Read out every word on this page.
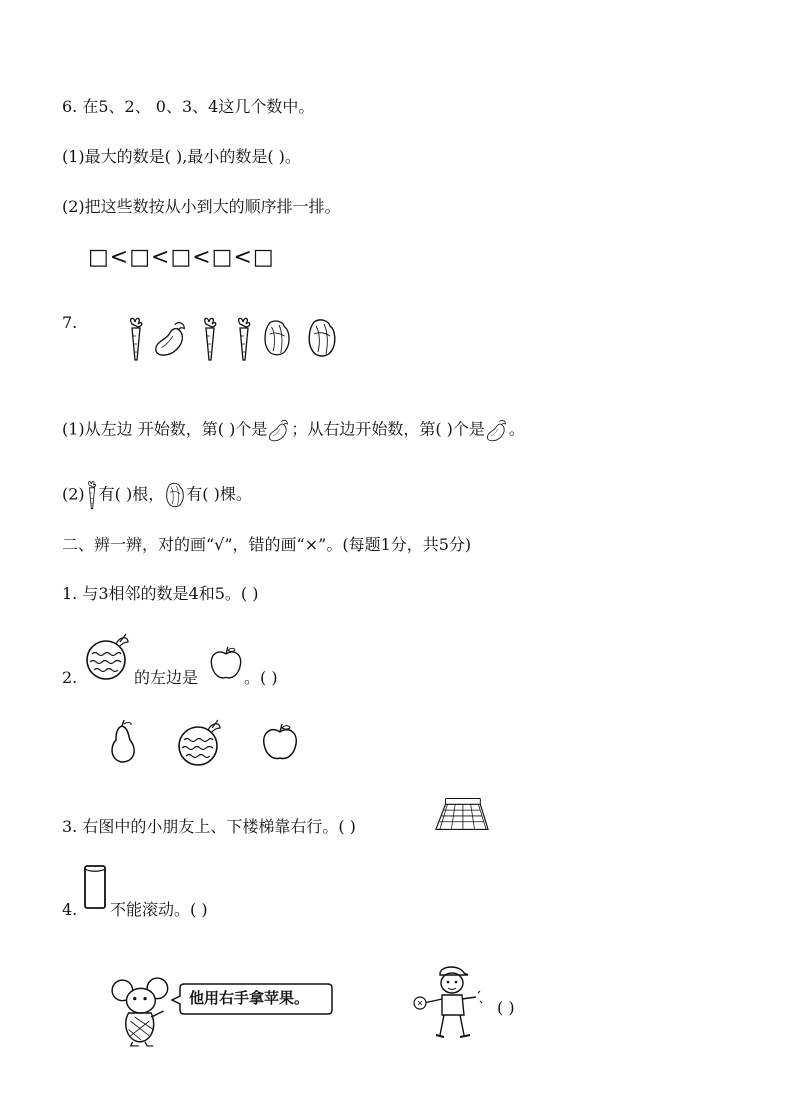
6. 在5、2、 0、3、4这几个数中。
(1)最大的数是( ),最小的数是( )。
(2)把这些数按从小到大的顺序排一排。
□<□<□<□<□
7.
(1)从左边 开始数，第( )个是 ；从右边开始数，第( )个是 。
(2) 有( )根， 有( )棵。
二、辨一辨，对的画“√”，错的画“×”。(每题1分，共5分)
1. 与3相邻的数是4和5。( )
2.	的左边是	。( )
3. 右图中的小朋友上、下楼梯靠右行。( )
4. 不能滚动。( )
他用右手拿苹果。	( )
